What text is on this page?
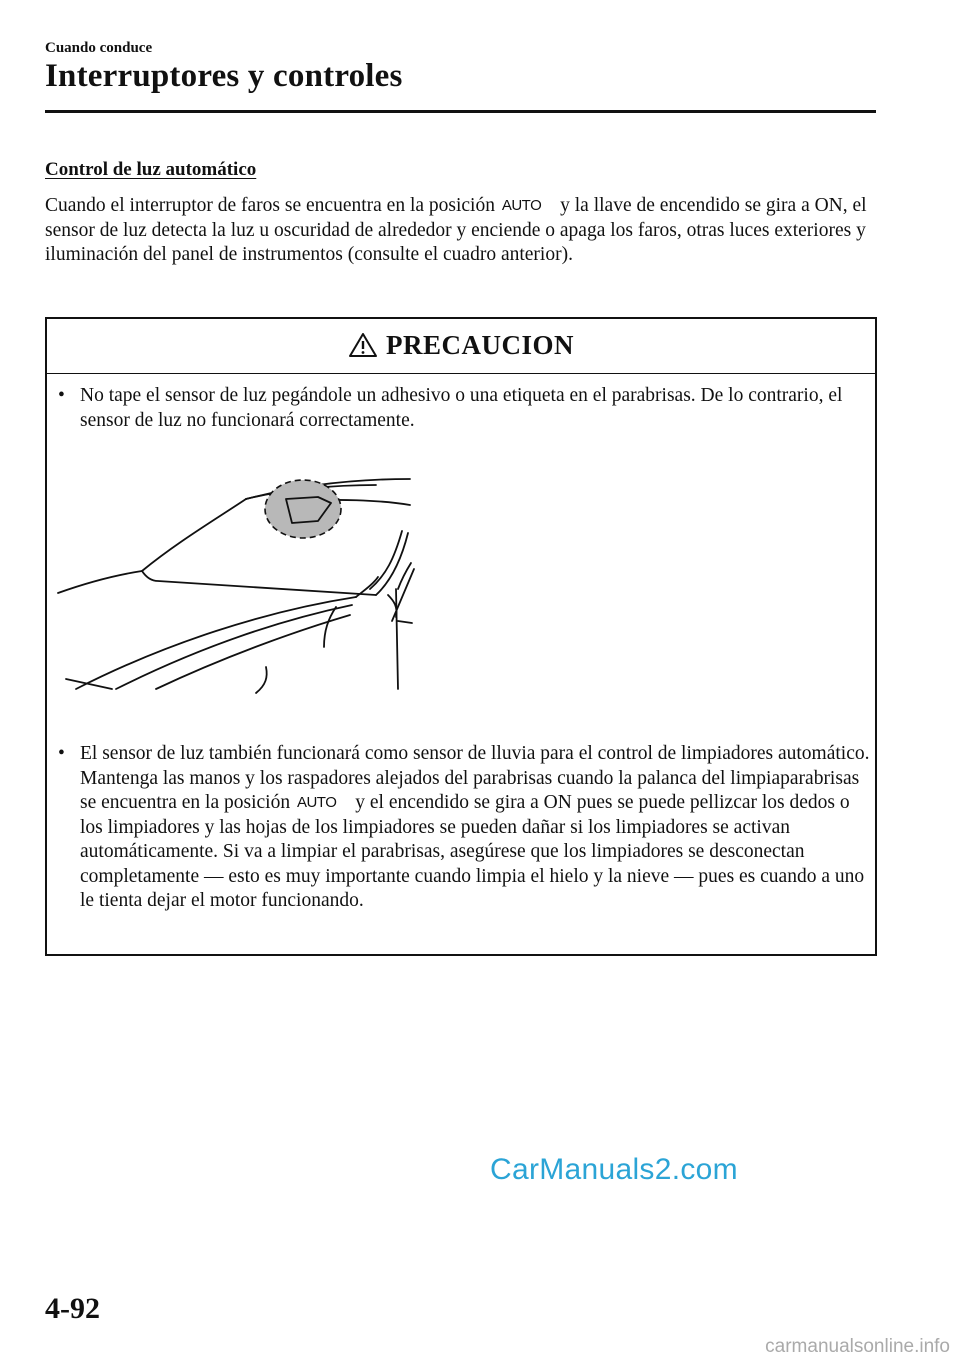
Cuando conduce
Interruptores y controles
Control de luz automático
Cuando el interruptor de faros se encuentra en la posición AUTO y la llave de encendido se gira a ON, el sensor de luz detecta la luz u oscuridad de alrededor y enciende o apaga los faros, otras luces exteriores y iluminación del panel de instrumentos (consulte el cuadro anterior).
PRECAUCION
• No tape el sensor de luz pegándole un adhesivo o una etiqueta en el parabrisas. De lo contrario, el sensor de luz no funcionará correctamente.
• El sensor de luz también funcionará como sensor de lluvia para el control de limpiadores automático. Mantenga las manos y los raspadores alejados del parabrisas cuando la palanca del limpiaparabrisas se encuentra en la posición AUTO y el encendido se gira a ON pues se puede pellizcar los dedos o los limpiadores y las hojas de los limpiadores se pueden dañar si los limpiadores se activan automáticamente. Si va a limpiar el parabrisas, asegúrese que los limpiadores se desconectan completamente — esto es muy importante cuando limpia el hielo y la nieve — pues es cuando a uno le tienta dejar el motor funcionando.
CarManuals2.com
4-92
carmanualsonline.info
